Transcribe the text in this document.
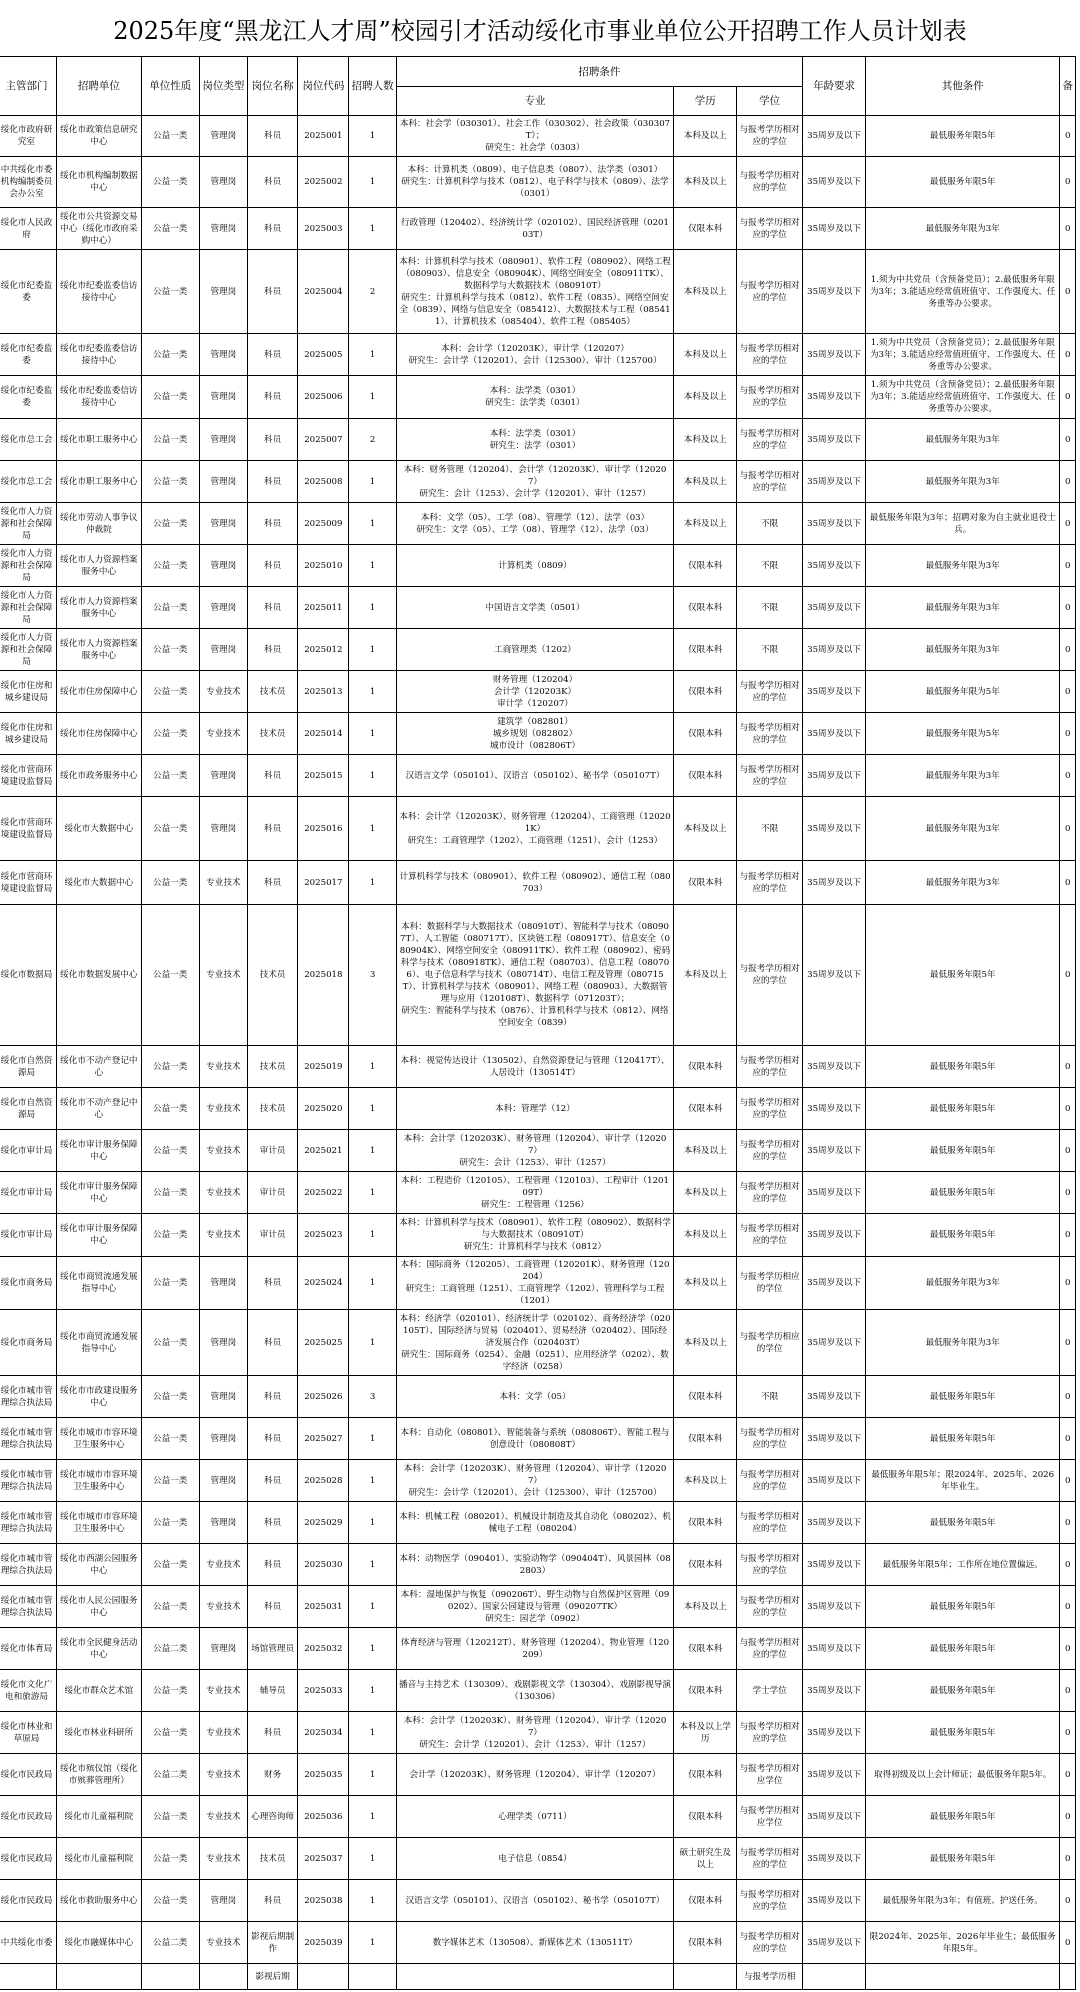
2025年度“黑龙江人才周”校园引才活动绥化市事业单位公开招聘工作人员计划表
主管部门	招聘单位	单位性质	岗位类型	岗位名称	岗位代码	招聘人数	招聘条件			年龄要求	其他条件	备
							专业	学历	学位			
绥化市政府研究室	绥化市政策信息研究中心	公益一类	管理岗	科员	2025001	1	本科：社会学（030301）、社会工作（030302）、社会政策（030307T）；
研究生：社会学（0303）	本科及以上	与报考学历相对应的学位	35周岁及以下	最低服务年限5年	0
中共绥化市委机构编制委员会办公室	绥化市机构编制数据中心	公益一类	管理岗	科员	2025002	1	本科：计算机类（0809）、电子信息类（0807）、法学类（0301）
研究生：计算机科学与技术（0812）、电子科学与技术（0809）、法学（0301）	本科及以上	与报考学历相对应的学位	35周岁及以下	最低服务年限5年	0
绥化市人民政府	绥化市公共资源交易中心（绥化市政府采购中心）	公益一类	管理岗	科员	2025003	1	行政管理（120402）、经济统计学（020102）、国民经济管理（020103T）	仅限本科	与报考学历相对应的学位	35周岁及以下	最低服务年限为3年	0
绥化市纪委监委	绥化市纪委监委信访接待中心	公益一类	管理岗	科员	2025004	2	本科：计算机科学与技术（080901）、软件工程（080902）、网络工程（080903）、信息安全（080904K）、网络空间安全（080911TK）、数据科学与大数据技术（080910T）
研究生：计算机科学与技术（0812）、软件工程（0835）、网络空间安全（0839）、网络与信息安全（085412）、大数据技术与工程（085411）、计算机技术（085404）、软件工程（085405）	本科及以上	与报考学历相对应的学位	35周岁及以下	1.须为中共党员（含预备党员）；2.最低服务年限为3年；3.能适应经常值班值守、工作强度大、任务重等办公要求。	0
绥化市纪委监委	绥化市纪委监委信访接待中心	公益一类	管理岗	科员	2025005	1	本科：会计学（120203K）、审计学（120207）
研究生：会计学（120201）、会计（125300）、审计（125700）	本科及以上	与报考学历相对应的学位	35周岁及以下	1.须为中共党员（含预备党员）；2.最低服务年限为3年；3.能适应经常值班值守、工作强度大、任务重等办公要求。	0
绥化市纪委监委	绥化市纪委监委信访接待中心	公益一类	管理岗	科员	2025006	1	本科：法学类（0301）
研究生：法学类（0301）	本科及以上	与报考学历相对应的学位	35周岁及以下	1.须为中共党员（含预备党员）；2.最低服务年限为3年；3.能适应经常值班值守、工作强度大、任务重等办公要求。	0
绥化市总工会	绥化市职工服务中心	公益一类	管理岗	科员	2025007	2	本科：法学类（0301）
研究生：法学（0301）	本科及以上	与报考学历相对应的学位	35周岁及以下	最低服务年限为3年	0
绥化市总工会	绥化市职工服务中心	公益一类	管理岗	科员	2025008	1	本科：财务管理（120204）、会计学（120203K）、审计学（120207）
研究生：会计（1253）、会计学（120201）、审计（1257）	本科及以上	与报考学历相对应的学位	35周岁及以下	最低服务年限为3年	0
绥化市人力资源和社会保障局	绥化市劳动人事争议仲裁院	公益一类	管理岗	科员	2025009	1	本科：文学（05）、工学（08）、管理学（12）、法学（03）
研究生：文学（05）、工学（08）、管理学（12）、法学（03）	本科及以上	不限	35周岁及以下	最低服务年限为3年；招聘对象为自主就业退役士兵。	0
绥化市人力资源和社会保障局	绥化市人力资源档案服务中心	公益一类	管理岗	科员	2025010	1	计算机类（0809）	仅限本科	不限	35周岁及以下	最低服务年限为3年	0
绥化市人力资源和社会保障局	绥化市人力资源档案服务中心	公益一类	管理岗	科员	2025011	1	中国语言文学类（0501）	仅限本科	不限	35周岁及以下	最低服务年限为3年	0
绥化市人力资源和社会保障局	绥化市人力资源档案服务中心	公益一类	管理岗	科员	2025012	1	工商管理类（1202）	仅限本科	不限	35周岁及以下	最低服务年限为3年	0
绥化市住房和城乡建设局	绥化市住房保障中心	公益一类	专业技术	技术员	2025013	1	财务管理（120204）
会计学（120203K）
审计学（120207）	仅限本科	与报考学历相对应的学位	35周岁及以下	最低服务年限为5年	0
绥化市住房和城乡建设局	绥化市住房保障中心	公益一类	专业技术	技术员	2025014	1	建筑学（082801）
城乡规划（082802）
城市设计（082806T）	仅限本科	与报考学历相对应的学位	35周岁及以下	最低服务年限为5年	0
绥化市营商环境建设监督局	绥化市政务服务中心	公益一类	管理岗	科员	2025015	1	汉语言文学（050101）、汉语言（050102）、秘书学（050107T）	仅限本科	与报考学历相对应的学位	35周岁及以下	最低服务年限为3年	0
绥化市营商环境建设监督局	绥化市大数据中心	公益一类	管理岗	科员	2025016	1	本科：会计学（120203K）、财务管理（120204）、工商管理（120201K）
研究生：工商管理学（1202）、工商管理（1251）、会计（1253）	本科及以上	不限	35周岁及以下	最低服务年限为3年	0
绥化市营商环境建设监督局	绥化市大数据中心	公益一类	专业技术	科员	2025017	1	计算机科学与技术（080901）、软件工程（080902）、通信工程（080703）	仅限本科	与报考学历相对应的学位	35周岁及以下	最低服务年限为3年	0
绥化市数据局	绥化市数据发展中心	公益一类	专业技术	技术员	2025018	3	本科：数据科学与大数据技术（080910T）、智能科学与技术（080907T）、人工智能（080717T）、区块链工程（080917T）、信息安全（080904K）、网络空间安全（080911TK）、软件工程（080902）、密码科学与技术（080918TK）、通信工程（080703）、信息工程（080706）、电子信息科学与技术（080714T）、电信工程及管理（080715T）、计算机科学与技术（080901）、网络工程（080903）、大数据管理与应用（120108T）、数据科学（071203T）；
研究生：智能科学与技术（0876）、计算机科学与技术（0812）、网络空间安全（0839）	本科及以上	与报考学历相对应的学位	35周岁及以下	最低服务年限5年	0
绥化市自然资源局	绥化市不动产登记中心	公益一类	专业技术	技术员	2025019	1	本科：视觉传达设计（130502）、自然资源登记与管理（120417T）、人居设计（130514T）	仅限本科	与报考学历相对应的学位	35周岁及以下	最低服务年限5年	0
绥化市自然资源局	绥化市不动产登记中心	公益一类	专业技术	技术员	2025020	1	本科：管理学（12）	仅限本科	与报考学历相对应的学位	35周岁及以下	最低服务年限5年	0
绥化市审计局	绥化市审计服务保障中心	公益一类	专业技术	审计员	2025021	1	本科：会计学（120203K）、财务管理（120204）、审计学（120207）
研究生：会计（1253）、审计（1257）	本科及以上	与报考学历相对应的学位	35周岁及以下	最低服务年限5年	0
绥化市审计局	绥化市审计服务保障中心	公益一类	专业技术	审计员	2025022	1	本科：工程造价（120105）、工程管理（120103）、工程审计（120109T）
研究生：工程管理（1256）	本科及以上	与报考学历相对应的学位	35周岁及以下	最低服务年限5年	0
绥化市审计局	绥化市审计服务保障中心	公益一类	专业技术	审计员	2025023	1	本科：计算机科学与技术（080901）、软件工程（080902）、数据科学与大数据技术（080910T）
研究生：计算机科学与技术（0812）	本科及以上	与报考学历相对应的学位	35周岁及以下	最低服务年限5年	0
绥化市商务局	绥化市商贸流通发展指导中心	公益一类	管理岗	科员	2025024	1	本科：国际商务（120205）、工商管理（120201K）、财务管理（120204）
研究生：工商管理（1251）、工商管理学（1202）、管理科学与工程（1201）	本科及以上	与报考学历相应的学位	35周岁及以下	最低服务年限为3年	0
绥化市商务局	绥化市商贸流通发展指导中心	公益一类	管理岗	科员	2025025	1	本科：经济学（020101）、经济统计学（020102）、商务经济学（020105T）、国际经济与贸易（020401）、贸易经济（020402）、国际经济发展合作（020403T）
研究生：国际商务（0254）、金融（0251）、应用经济学（0202）、数字经济（0258）	本科及以上	与报考学历相应的学位	35周岁及以下	最低服务年限为3年	0
绥化市城市管理综合执法局	绥化市市政建设服务中心	公益一类	管理岗	科员	2025026	3	本科：文学（05）	仅限本科	不限	35周岁及以下	最低服务年限5年	0
绥化市城市管理综合执法局	绥化市城市市容环境卫生服务中心	公益一类	管理岗	科员	2025027	1	本科：自动化（080801）、智能装备与系统（080806T）、智能工程与创意设计（080808T）	仅限本科	与报考学历相对应的学位	35周岁及以下	最低服务年限5年	0
绥化市城市管理综合执法局	绥化市城市市容环境卫生服务中心	公益一类	管理岗	科员	2025028	1	本科：会计学（120203K）、财务管理（120204）、审计学（120207）
研究生：会计学（120201）、会计（125300）、审计（125700）	本科及以上	与报考学历相对应的学位	35周岁及以下	最低服务年限5年；限2024年、2025年、2026年毕业生。	0
绥化市城市管理综合执法局	绥化市城市市容环境卫生服务中心	公益一类	管理岗	科员	2025029	1	本科：机械工程（080201）、机械设计制造及其自动化（080202）、机械电子工程（080204）	仅限本科	与报考学历相对应的学位	35周岁及以下	最低服务年限5年	0
绥化市城市管理综合执法局	绥化市西湖公园服务中心	公益一类	专业技术	科员	2025030	1	本科：动物医学（090401）、实验动物学（090404T）、风景园林（082803）	仅限本科	与报考学历相对应的学位	35周岁及以下	最低服务年限5年；工作所在地位置偏远。	0
绥化市城市管理综合执法局	绥化市人民公园服务中心	公益一类	专业技术	科员	2025031	1	本科：湿地保护与恢复（090206T）、野生动物与自然保护区管理（090202）、国家公园建设与管理（090207TK）
研究生：园艺学（0902）	本科及以上	与报考学历相对应的学位	35周岁及以下	最低服务年限5年	0
绥化市体育局	绥化市全民健身活动中心	公益二类	管理岗	场馆管理员	2025032	1	体育经济与管理（120212T）、财务管理（120204）、物业管理（120209）	仅限本科	与报考学历相对应的学位	35周岁及以下	最低服务年限5年	0
绥化市文化广电和旅游局	绥化市群众艺术馆	公益一类	专业技术	辅导员	2025033	1	播音与主持艺术（130309）、戏剧影视文学（130304）、戏剧影视导演（130306）	仅限本科	学士学位	35周岁及以下	最低服务年限5年	0
绥化市林业和草原局	绥化市林业科研所	公益一类	专业技术	科员	2025034	1	本科：会计学（120203K）、财务管理（120204）、审计学（120207）
研究生：会计学（120201）、会计（1253）、审计（1257）	本科及以上学历	与报考学历相对应的学位	35周岁及以下	最低服务年限5年	0
绥化市民政局	绥化市殡仪馆（绥化市殡葬管理所）	公益二类	专业技术	财务	2025035	1	会计学（120203K）、财务管理（120204）、审计学（120207）	仅限本科	与报考学历相对应学位	35周岁及以下	取得初级及以上会计师证；最低服务年限5年。	0
绥化市民政局	绥化市儿童福利院	公益一类	专业技术	心理咨询师	2025036	1	心理学类（0711）	仅限本科	与报考学历相对应学位	35周岁及以下	最低服务年限5年	0
绥化市民政局	绥化市儿童福利院	公益一类	专业技术	技术员	2025037	1	电子信息（0854）	硕士研究生及以上	与报考学历相对应的学位	35周岁及以下	最低服务年限5年	0
绥化市民政局	绥化市救助服务中心	公益一类	管理岗	科员	2025038	1	汉语言文学（050101）、汉语言（050102）、秘书学（050107T）	仅限本科	与报考学历相对应的学位	35周岁及以下	最低服务年限为3年；有值班、护送任务。	0
中共绥化市委	绥化市融媒体中心	公益二类	专业技术	影视后期制作	2025039	1	数字媒体艺术（130508）、新媒体艺术（130511T）	仅限本科	与报考学历相对应的学位	35周岁及以下	限2024年、2025年、2026年毕业生；最低服务年限5年。	0
				影视后期					与报考学历相			
